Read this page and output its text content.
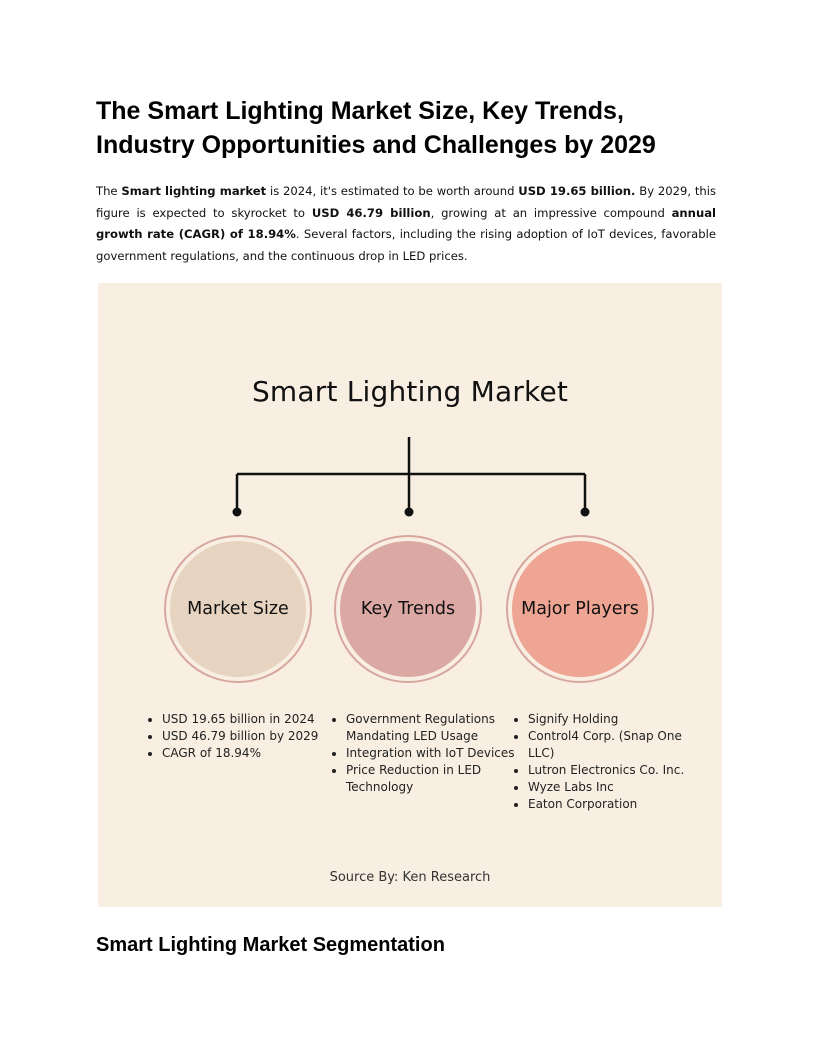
The Smart Lighting Market Size, Key Trends,
Industry Opportunities and Challenges by 2029

The Smart lighting market is 2024, it's estimated to be worth around USD 19.65 billion. By 2029, this figure is expected to skyrocket to USD 46.79 billion, growing at an impressive compound annual growth rate (CAGR) of 18.94%. Several factors, including the rising adoption of IoT devices, favorable government regulations, and the continuous drop in LED prices.

Smart Lighting Market
Market Size	Key Trends	Major Players
• USD 19.65 billion in 2024
• USD 46.79 billion by 2029
• CAGR of 18.94%
• Government Regulations Mandating LED Usage
• Integration with IoT Devices
• Price Reduction in LED Technology
• Signify Holding
• Control4 Corp. (Snap One LLC)
• Lutron Electronics Co. Inc.
• Wyze Labs Inc
• Eaton Corporation
Source By: Ken Research
Smart Lighting Market Segmentation
